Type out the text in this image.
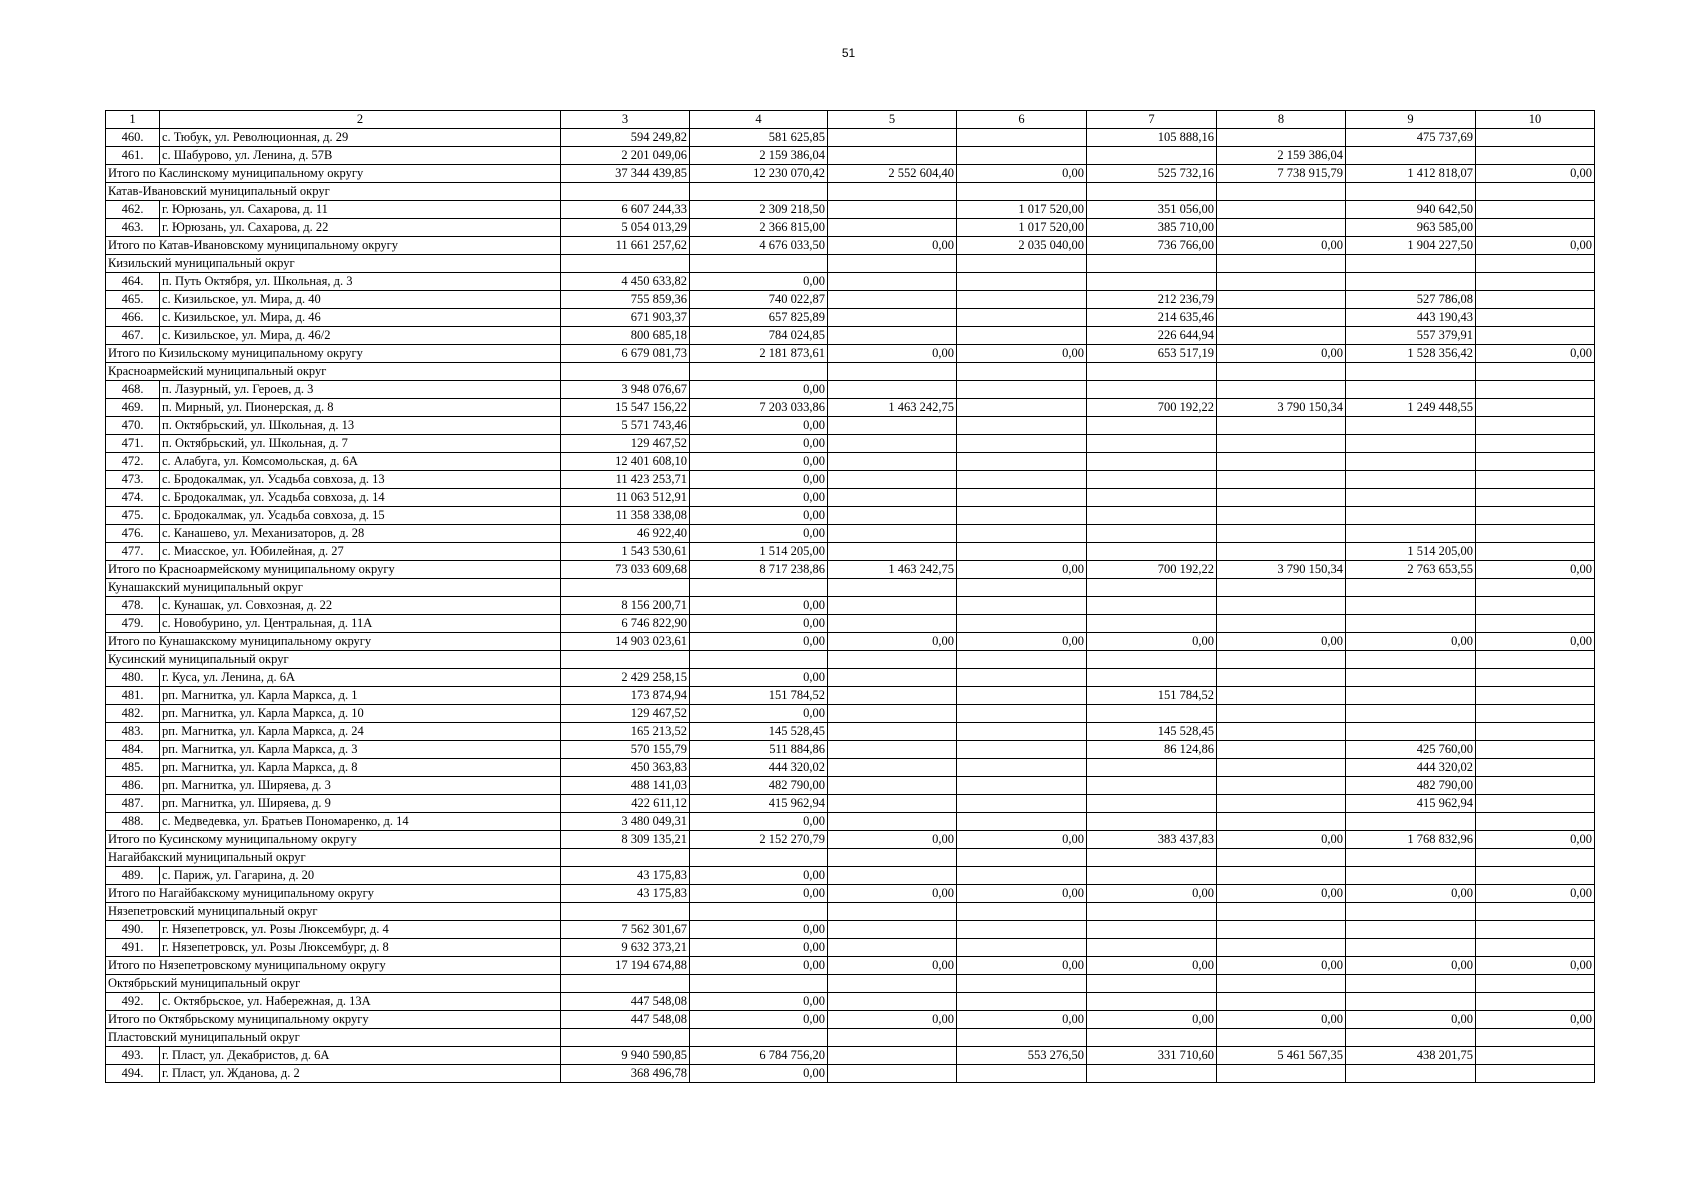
51
1	2	3	4	5	6	7	8	9	10
460.	с. Тюбук, ул. Революционная, д. 29	594 249,82	581 625,85			105 888,16		475 737,69	
461.	с. Шабурово, ул. Ленина, д. 57В	2 201 049,06	2 159 386,04				2 159 386,04		
Итого по Каслинскому муниципальному округу		37 344 439,85	12 230 070,42	2 552 604,40	0,00	525 732,16	7 738 915,79	1 412 818,07	0,00
Катав-Ивановский муниципальный округ									
462.	г. Юрюзань, ул. Сахарова, д. 11	6 607 244,33	2 309 218,50		1 017 520,00	351 056,00		940 642,50	
463.	г. Юрюзань, ул. Сахарова, д. 22	5 054 013,29	2 366 815,00		1 017 520,00	385 710,00		963 585,00	
Итого по Катав-Ивановскому муниципальному округу		11 661 257,62	4 676 033,50	0,00	2 035 040,00	736 766,00	0,00	1 904 227,50	0,00
Кизильский муниципальный округ									
464.	п. Путь Октября, ул. Школьная, д. 3	4 450 633,82	0,00						
465.	с. Кизильское, ул. Мира, д. 40	755 859,36	740 022,87			212 236,79		527 786,08	
466.	с. Кизильское, ул. Мира, д. 46	671 903,37	657 825,89			214 635,46		443 190,43	
467.	с. Кизильское, ул. Мира, д. 46/2	800 685,18	784 024,85			226 644,94		557 379,91	
Итого по Кизильскому муниципальному округу		6 679 081,73	2 181 873,61	0,00	0,00	653 517,19	0,00	1 528 356,42	0,00
Красноармейский муниципальный округ									
468.	п. Лазурный, ул. Героев, д. 3	3 948 076,67	0,00						
469.	п. Мирный, ул. Пионерская, д. 8	15 547 156,22	7 203 033,86	1 463 242,75		700 192,22	3 790 150,34	1 249 448,55	
470.	п. Октябрьский, ул. Школьная, д. 13	5 571 743,46	0,00						
471.	п. Октябрьский, ул. Школьная, д. 7	129 467,52	0,00						
472.	с. Алабуга, ул. Комсомольская, д. 6А	12 401 608,10	0,00						
473.	с. Бродокалмак, ул. Усадьба совхоза, д. 13	11 423 253,71	0,00						
474.	с. Бродокалмак, ул. Усадьба совхоза, д. 14	11 063 512,91	0,00						
475.	с. Бродокалмак, ул. Усадьба совхоза, д. 15	11 358 338,08	0,00						
476.	с. Канашево, ул. Механизаторов, д. 28	46 922,40	0,00						
477.	с. Миасское, ул. Юбилейная, д. 27	1 543 530,61	1 514 205,00					1 514 205,00	
Итого по Красноармейскому муниципальному округу		73 033 609,68	8 717 238,86	1 463 242,75	0,00	700 192,22	3 790 150,34	2 763 653,55	0,00
Кунашакский муниципальный округ									
478.	с. Кунашак, ул. Совхозная, д. 22	8 156 200,71	0,00						
479.	с. Новобурино, ул. Центральная, д. 11А	6 746 822,90	0,00						
Итого по Кунашакскому муниципальному округу		14 903 023,61	0,00	0,00	0,00	0,00	0,00	0,00	0,00
Кусинский муниципальный округ									
480.	г. Куса, ул. Ленина, д. 6А	2 429 258,15	0,00						
481.	рп. Магнитка, ул. Карла Маркса, д. 1	173 874,94	151 784,52			151 784,52			
482.	рп. Магнитка, ул. Карла Маркса, д. 10	129 467,52	0,00						
483.	рп. Магнитка, ул. Карла Маркса, д. 24	165 213,52	145 528,45			145 528,45			
484.	рп. Магнитка, ул. Карла Маркса, д. 3	570 155,79	511 884,86			86 124,86		425 760,00	
485.	рп. Магнитка, ул. Карла Маркса, д. 8	450 363,83	444 320,02					444 320,02	
486.	рп. Магнитка, ул. Ширяева, д. 3	488 141,03	482 790,00					482 790,00	
487.	рп. Магнитка, ул. Ширяева, д. 9	422 611,12	415 962,94					415 962,94	
488.	с. Медведевка, ул. Братьев Пономаренко, д. 14	3 480 049,31	0,00						
Итого по Кусинскому муниципальному округу		8 309 135,21	2 152 270,79	0,00	0,00	383 437,83	0,00	1 768 832,96	0,00
Нагайбакский муниципальный округ									
489.	с. Париж, ул. Гагарина, д. 20	43 175,83	0,00						
Итого по Нагайбакскому муниципальному округу		43 175,83	0,00	0,00	0,00	0,00	0,00	0,00	0,00
Нязепетровский муниципальный округ									
490.	г. Нязепетровск, ул. Розы Люксембург, д. 4	7 562 301,67	0,00						
491.	г. Нязепетровск, ул. Розы Люксембург, д. 8	9 632 373,21	0,00						
Итого по Нязепетровскому муниципальному округу		17 194 674,88	0,00	0,00	0,00	0,00	0,00	0,00	0,00
Октябрьский муниципальный округ									
492.	с. Октябрьское, ул. Набережная, д. 13А	447 548,08	0,00						
Итого по Октябрьскому муниципальному округу		447 548,08	0,00	0,00	0,00	0,00	0,00	0,00	0,00
Пластовский муниципальный округ									
493.	г. Пласт, ул. Декабристов, д. 6А	9 940 590,85	6 784 756,20		553 276,50	331 710,60	5 461 567,35	438 201,75	
494.	г. Пласт, ул. Жданова, д. 2	368 496,78	0,00						
